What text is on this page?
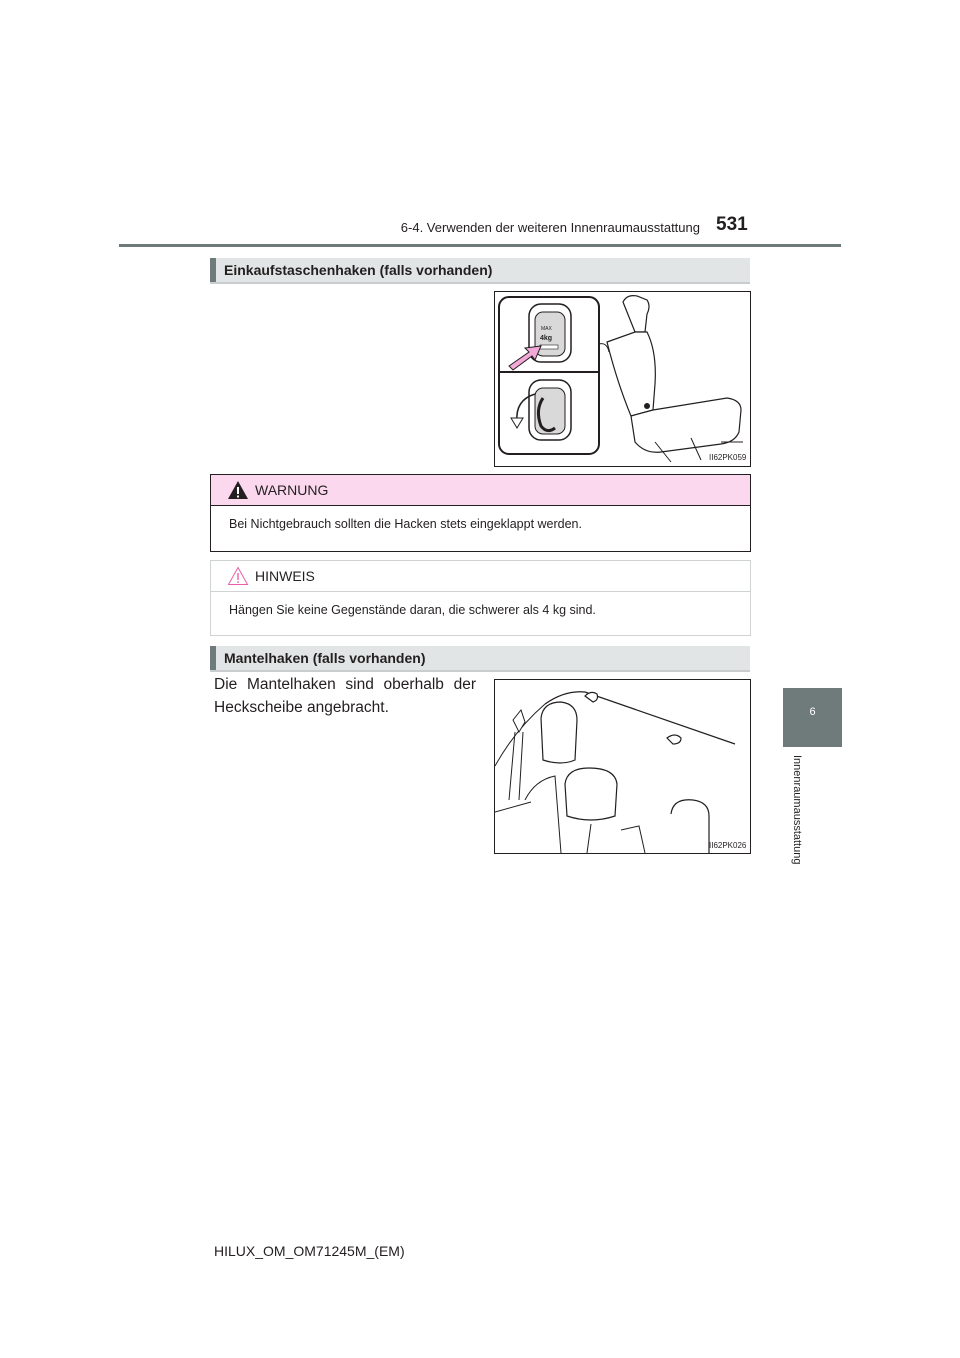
6-4. Verwenden der weiteren Innenraumausstattung 531
Einkaufstaschenhaken (falls vorhanden)
MAX
4kg
II62PK059
WARNUNG
Bei Nichtgebrauch sollten die Hacken stets eingeklappt werden.
HINWEIS
Hängen Sie keine Gegenstände daran, die schwerer als 4 kg sind.
Mantelhaken (falls vorhanden)
Die Mantelhaken sind oberhalb der Heckscheibe angebracht.
II62PK026
6
Innenraumausstattung
HILUX_OM_OM71245M_(EM)
